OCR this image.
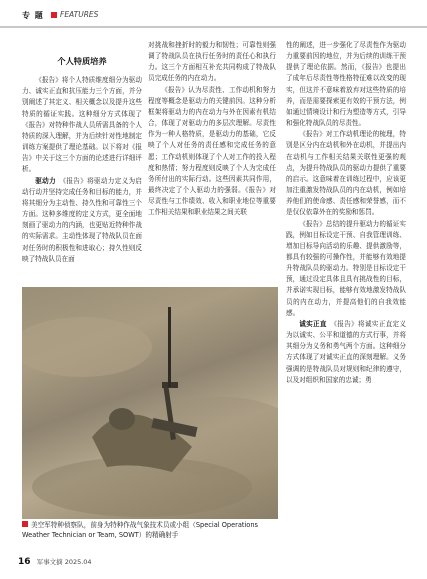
专 题 FEATURES
个人特质培养

《报告》将个人特质维度细分为驱动力、诚实正直和抗压能力三个方面，并分别阐述了其定义、相关概念以及提升这些特质的循证实践。这种细分方式体现了《报告》对特种作战人员所需具备的个人特质的深入理解，并为后续针对性地制定训练方案提供了理论基础。以下将对《报告》中关于这三个方面的论述进行详细评析。

驱动力　 《报告》将驱动力定义为启动行动并坚持完成任务和目标的能力，并将其细分为主动性、持久性和可靠性三个方面。这种多维度的定义方式，更全面地刻画了驱动力的内涵，也更贴近特种作战的实际需求。主动性体现了特战队员在面对任务时的积极性和进取心；持久性则反映了特战队员在面

对挑战和挫折时的毅力和韧性；可靠性则强调了特战队员在执行任务时的责任心和执行力。这三个方面相互补充共同构成了特战队员完成任务的内在动力。

《报告》认为尽责性、工作动机和努力程度等概念是驱动力的关键前因。这种分析框架将驱动力的内在动力与外在因素有机结合，体现了对驱动力的多层次理解。尽责性作为一种人格特质，是驱动力的基础，它反映了个人对任务的责任感和完成任务的意愿；工作动机则体现了个人对工作的投入程度和热情；努力程度则反映了个人为完成任务所付出的实际行动。这些因素共同作用，最终决定了个人驱动力的强弱。《报告》对尽责性与工作绩效、收入和职业地位等重要工作相关结果和职业结果之间关联

性的阐述，进一步强化了尽责性作为驱动力重要前因的地位，并为后续的训练干预提供了理论依据。然而，《报告》也提出了成年后尽责性等性格特征难以改变的现实，但这并不意味着放弃对这些特质的培养，而是需要探索更有效的干预方法，例如通过情境设计和行为塑造等方式，引导和强化特战队员的尽责性。

《报告》对工作动机理论的梳理，特别是区分内在动机和外在动机，并提出内在动机与工作相关结果关联性更强的观点，为提升特战队员的驱动力提供了重要的启示。这意味着在训练过程中，应该更加注重激发特战队员的内在动机，例如培养他们的使命感、责任感和荣誉感，而不是仅仅依靠外在的奖励和惩罚。

《报告》总结的提升驱动力的循证实践，例如目标设定干预、自我管理训练、增加目标导向活动的乐趣、提供激励等，都具有较强的可操作性，并能够有效地提升特战队员的驱动力。特别是目标设定干预，通过设定具体且具有挑战性的目标，并承诺实现目标，能够有效地激发特战队员的内在动力，并提高他们的自我效能感。

诚实正直　 《报告》将诚实正直定义为以诚实、公平和道德的方式行事，并将其细分为义务和勇气两个方面。这种细分方式体现了对诚实正直的深刻理解。义务强调的是特战队员对规则和纪律的遵守，以及对组织和国家的忠诚；勇

美空军特种侦察队，前身为特种作战气象技术员或小组（Special Operations Weather Technician or Team, SOWT）的精确射手
16 军事文摘 2025.04
